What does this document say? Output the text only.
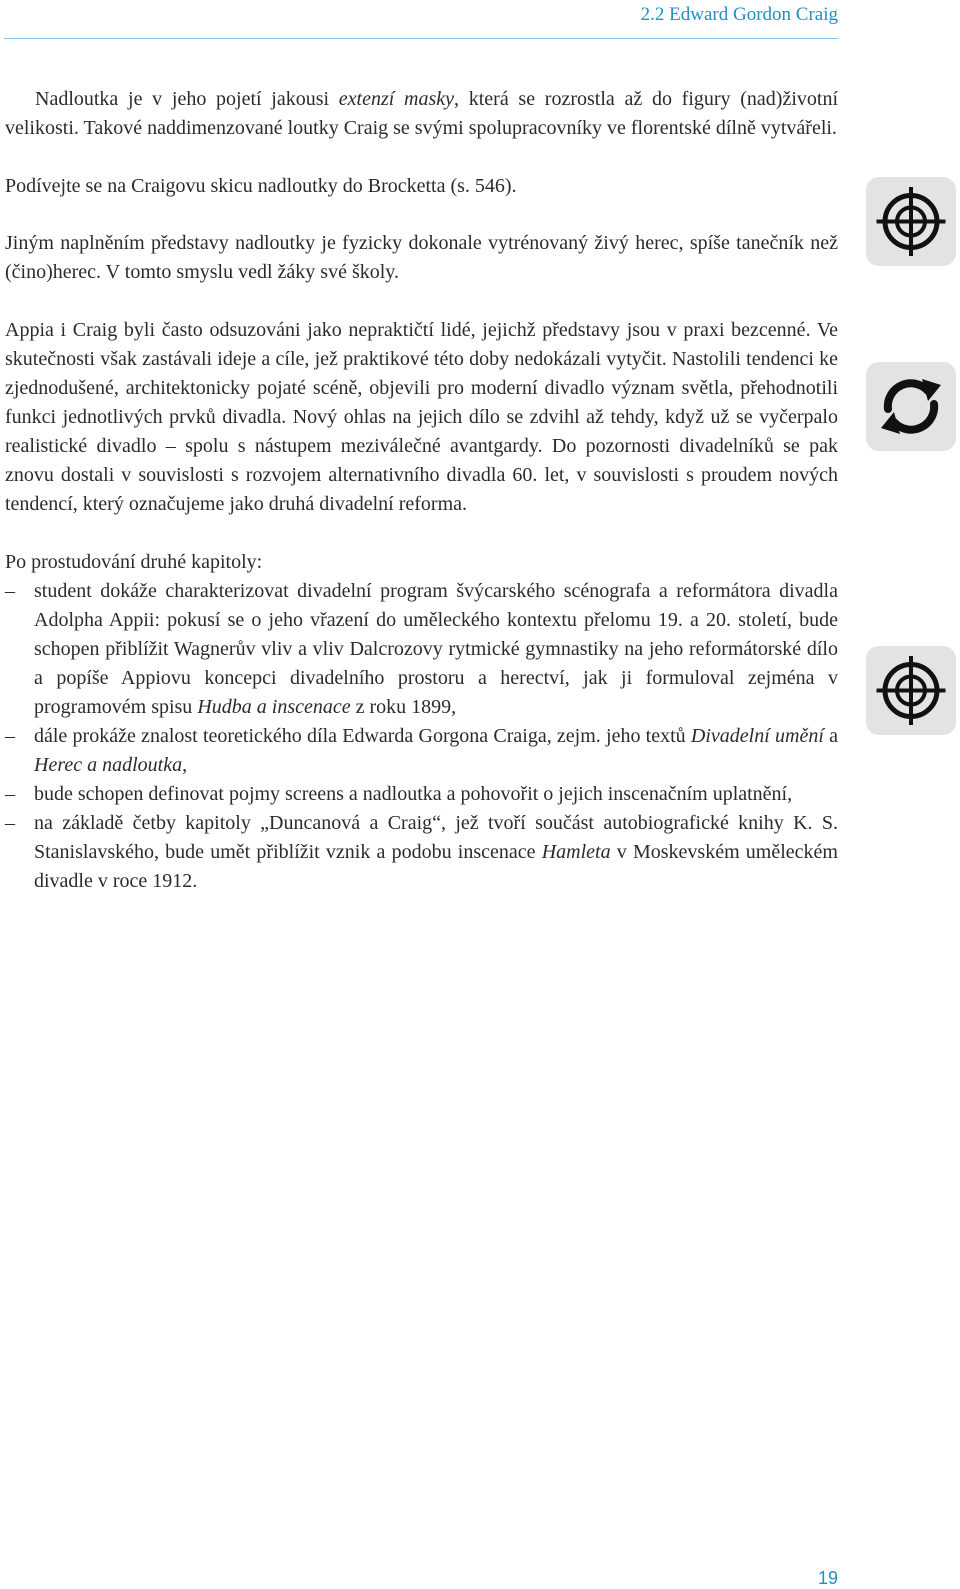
2.2 Edward Gordon Craig

Nadloutka je v jeho pojetí jakousi extenzí masky, která se rozrostla až do figury (nad)životní velikosti. Takové naddimenzované loutky Craig se svými spolupracovníky ve florentské dílně vytvářeli.

Podívejte se na Craigovu skicu nadloutky do Brocketta (s. 546).

Jiným naplněním představy nadloutky je fyzicky dokonale vytrénovaný živý herec, spíše tanečník než (čino)herec. V tomto smyslu vedl žáky své školy.

Appia i Craig byli často odsuzováni jako nepraktičtí lidé, jejichž představy jsou v praxi bezcenné. Ve skutečnosti však zastávali ideje a cíle, jež praktikové této doby nedokázali vytyčit. Nastolili tendenci ke zjednodušené, architektonicky pojaté scéně, objevili pro moderní divadlo význam světla, přehodnotili funkci jednotlivých prvků divadla. Nový ohlas na jejich dílo se zdvihl až tehdy, když už se vyčerpalo realistické divadlo – spolu s nástupem meziválečné avantgardy. Do pozornosti divadelníků se pak znovu dostali v souvislosti s rozvojem alternativního divadla 60. let, v souvislosti s proudem nových tendencí, který označujeme jako druhá divadelní reforma.

Po prostudování druhé kapitoly:

– student dokáže charakterizovat divadelní program švýcarského scénografa a reformátora divadla Adolpha Appii: pokusí se o jeho vřazení do uměleckého kontextu přelomu 19. a 20. století, bude schopen přiblížit Wagnerův vliv a vliv Dalcrozovy rytmické gymnastiky na jeho reformátorské dílo a popíše Appiovu koncepci divadelního prostoru a herectví, jak ji formuloval zejména v programovém spisu Hudba a inscenace z roku 1899,
– dále prokáže znalost teoretického díla Edwarda Gorgona Craiga, zejm. jeho textů Divadelní umění a Herec a nadloutka,
– bude schopen definovat pojmy screens a nadloutka a pohovořit o jejich inscenačním uplatnění,
– na základě četby kapitoly „Duncanová a Craig“, jež tvoří součást autobiografické knihy K. S. Stanislavského, bude umět přiblížit vznik a podobu inscenace Hamleta v Moskevském uměleckém divadle v roce 1912.
19
